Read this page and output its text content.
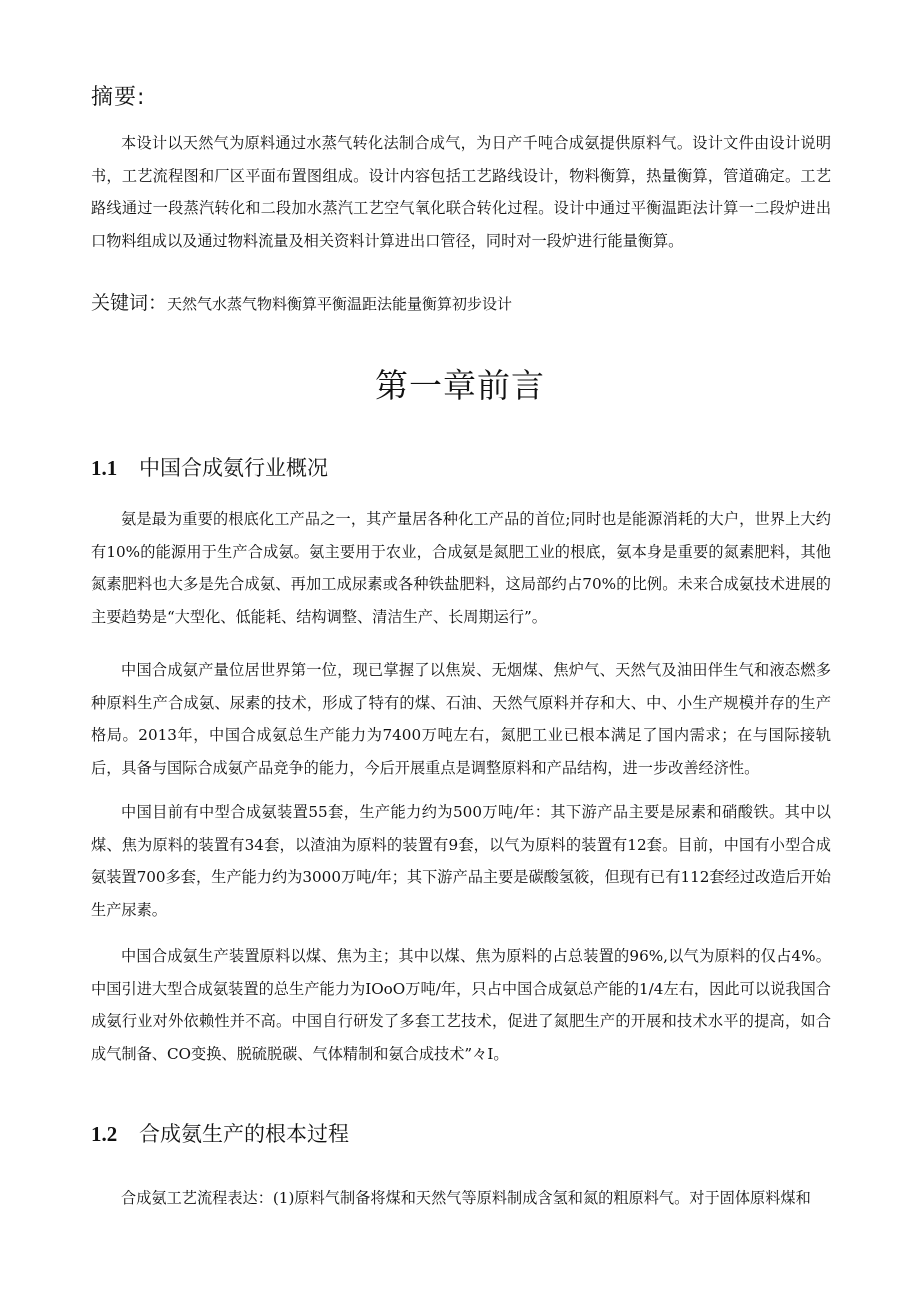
摘要:

本设计以天然气为原料通过水蒸气转化法制合成气，为日产千吨合成氨提供原料气。设计文件由设计说明书，工艺流程图和厂区平面布置图组成。设计内容包括工艺路线设计，物料衡算，热量衡算，管道确定。工艺路线通过一段蒸汽转化和二段加水蒸汽工艺空气氧化联合转化过程。设计中通过平衡温距法计算一二段炉进出口物料组成以及通过物料流量及相关资料计算进出口管径，同时对一段炉进行能量衡算。

关键词：天然气水蒸气物料衡算平衡温距法能量衡算初步设计
第一章前言
1.1 中国合成氨行业概况

氨是最为重要的根底化工产品之一，其产量居各种化工产品的首位;同时也是能源消耗的大户，世界上大约有10%的能源用于生产合成氨。氨主要用于农业，合成氨是氮肥工业的根底，氨本身是重要的氮素肥料，其他氮素肥料也大多是先合成氨、再加工成尿素或各种铁盐肥料，这局部约占70%的比例。未来合成氨技术进展的主要趋势是“大型化、低能耗、结构调整、清洁生产、长周期运行”。

中国合成氨产量位居世界第一位，现已掌握了以焦炭、无烟煤、焦炉气、天然气及油田伴生气和液态燃多种原料生产合成氨、尿素的技术，形成了特有的煤、石油、天然气原料并存和大、中、小生产规模并存的生产格局。2013年，中国合成氨总生产能力为7400万吨左右，氮肥工业已根本满足了国内需求；在与国际接轨后，具备与国际合成氨产品竞争的能力，今后开展重点是调整原料和产品结构，进一步改善经济性。

中国目前有中型合成氨装置55套，生产能力约为500万吨/年：其下游产品主要是尿素和硝酸铁。其中以煤、焦为原料的装置有34套，以渣油为原料的装置有9套，以气为原料的装置有12套。目前，中国有小型合成氨装置700多套，生产能力约为3000万吨/年；其下游产品主要是碳酸氢筱，但现有已有112套经过改造后开始生产尿素。

中国合成氨生产装置原料以煤、焦为主；其中以煤、焦为原料的占总装置的96%,以气为原料的仅占4%。中国引进大型合成氨装置的总生产能力为IOoO万吨/年，只占中国合成氨总产能的1/4左右，因此可以说我国合成氨行业对外依赖性并不高。中国自行研发了多套工艺技术，促进了氮肥生产的开展和技术水平的提高，如合成气制备、CO变换、脱硫脱碳、气体精制和氨合成技术”々I。

1.2 合成氨生产的根本过程

合成氨工艺流程表达：(1)原料气制备将煤和天然气等原料制成含氢和氮的粗原料气。对于固体原料煤和
